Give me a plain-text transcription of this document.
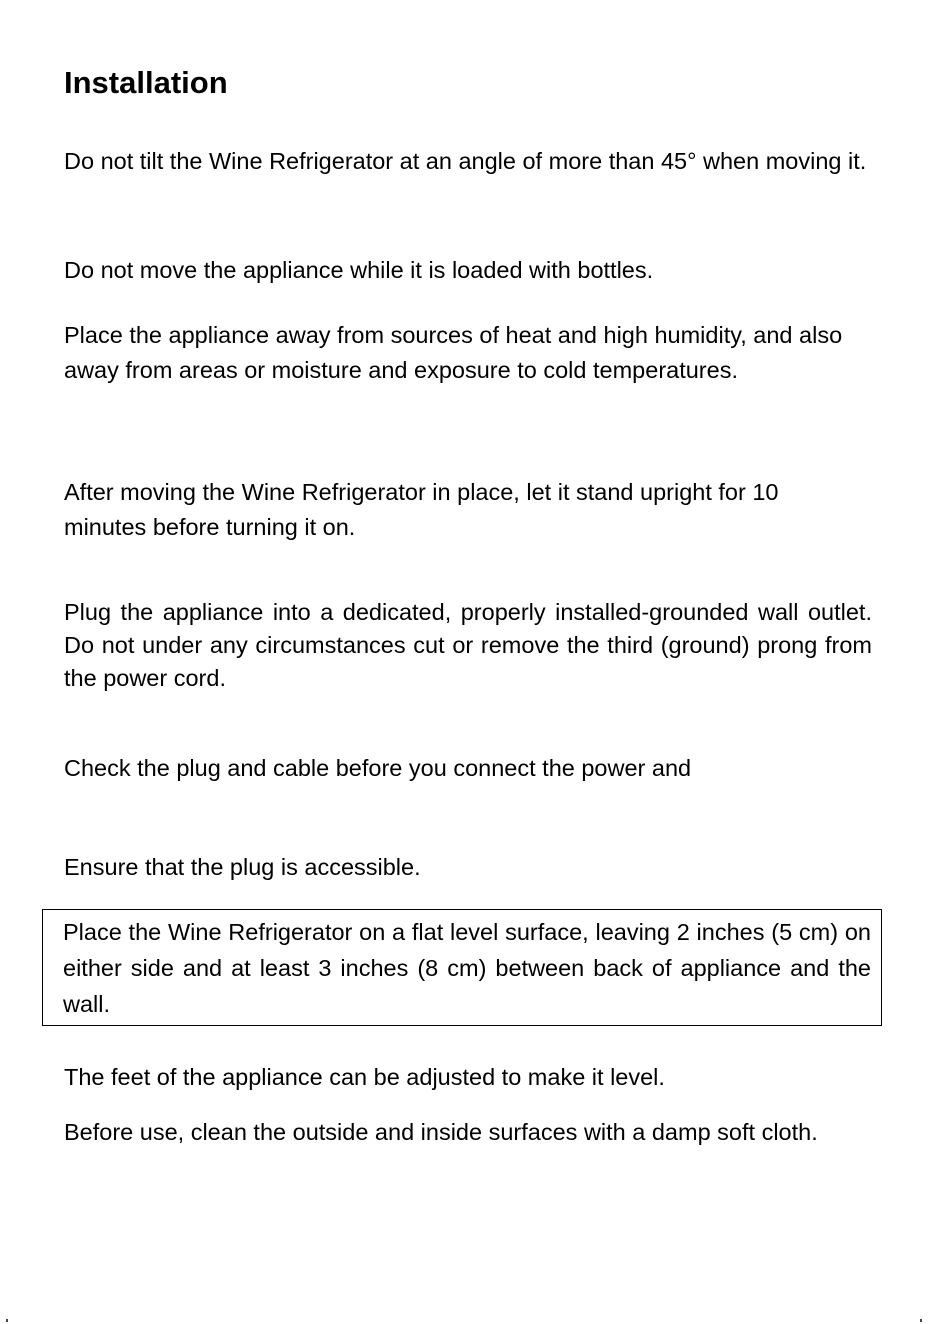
Installation

Do not tilt the Wine Refrigerator at an angle of more than 45° when moving it.

Do not move the appliance while it is loaded with bottles.

Place the appliance away from sources of heat and high humidity, and also away from areas or moisture and exposure to cold temperatures.

After moving the Wine Refrigerator in place, let it stand upright for 10 minutes before turning it on.

Plug the appliance into a dedicated, properly installed-grounded wall outlet. Do not under any circumstances cut or remove the third (ground) prong from the power cord.

Check the plug and cable before you connect the power and

Ensure that the plug is accessible.

Place the Wine Refrigerator on a flat level surface, leaving 2 inches (5 cm) on either side and at least 3 inches (8 cm) between back of appliance and the wall.

The feet of the appliance can be adjusted to make it level.

Before use, clean the outside and inside surfaces with a damp soft cloth.
